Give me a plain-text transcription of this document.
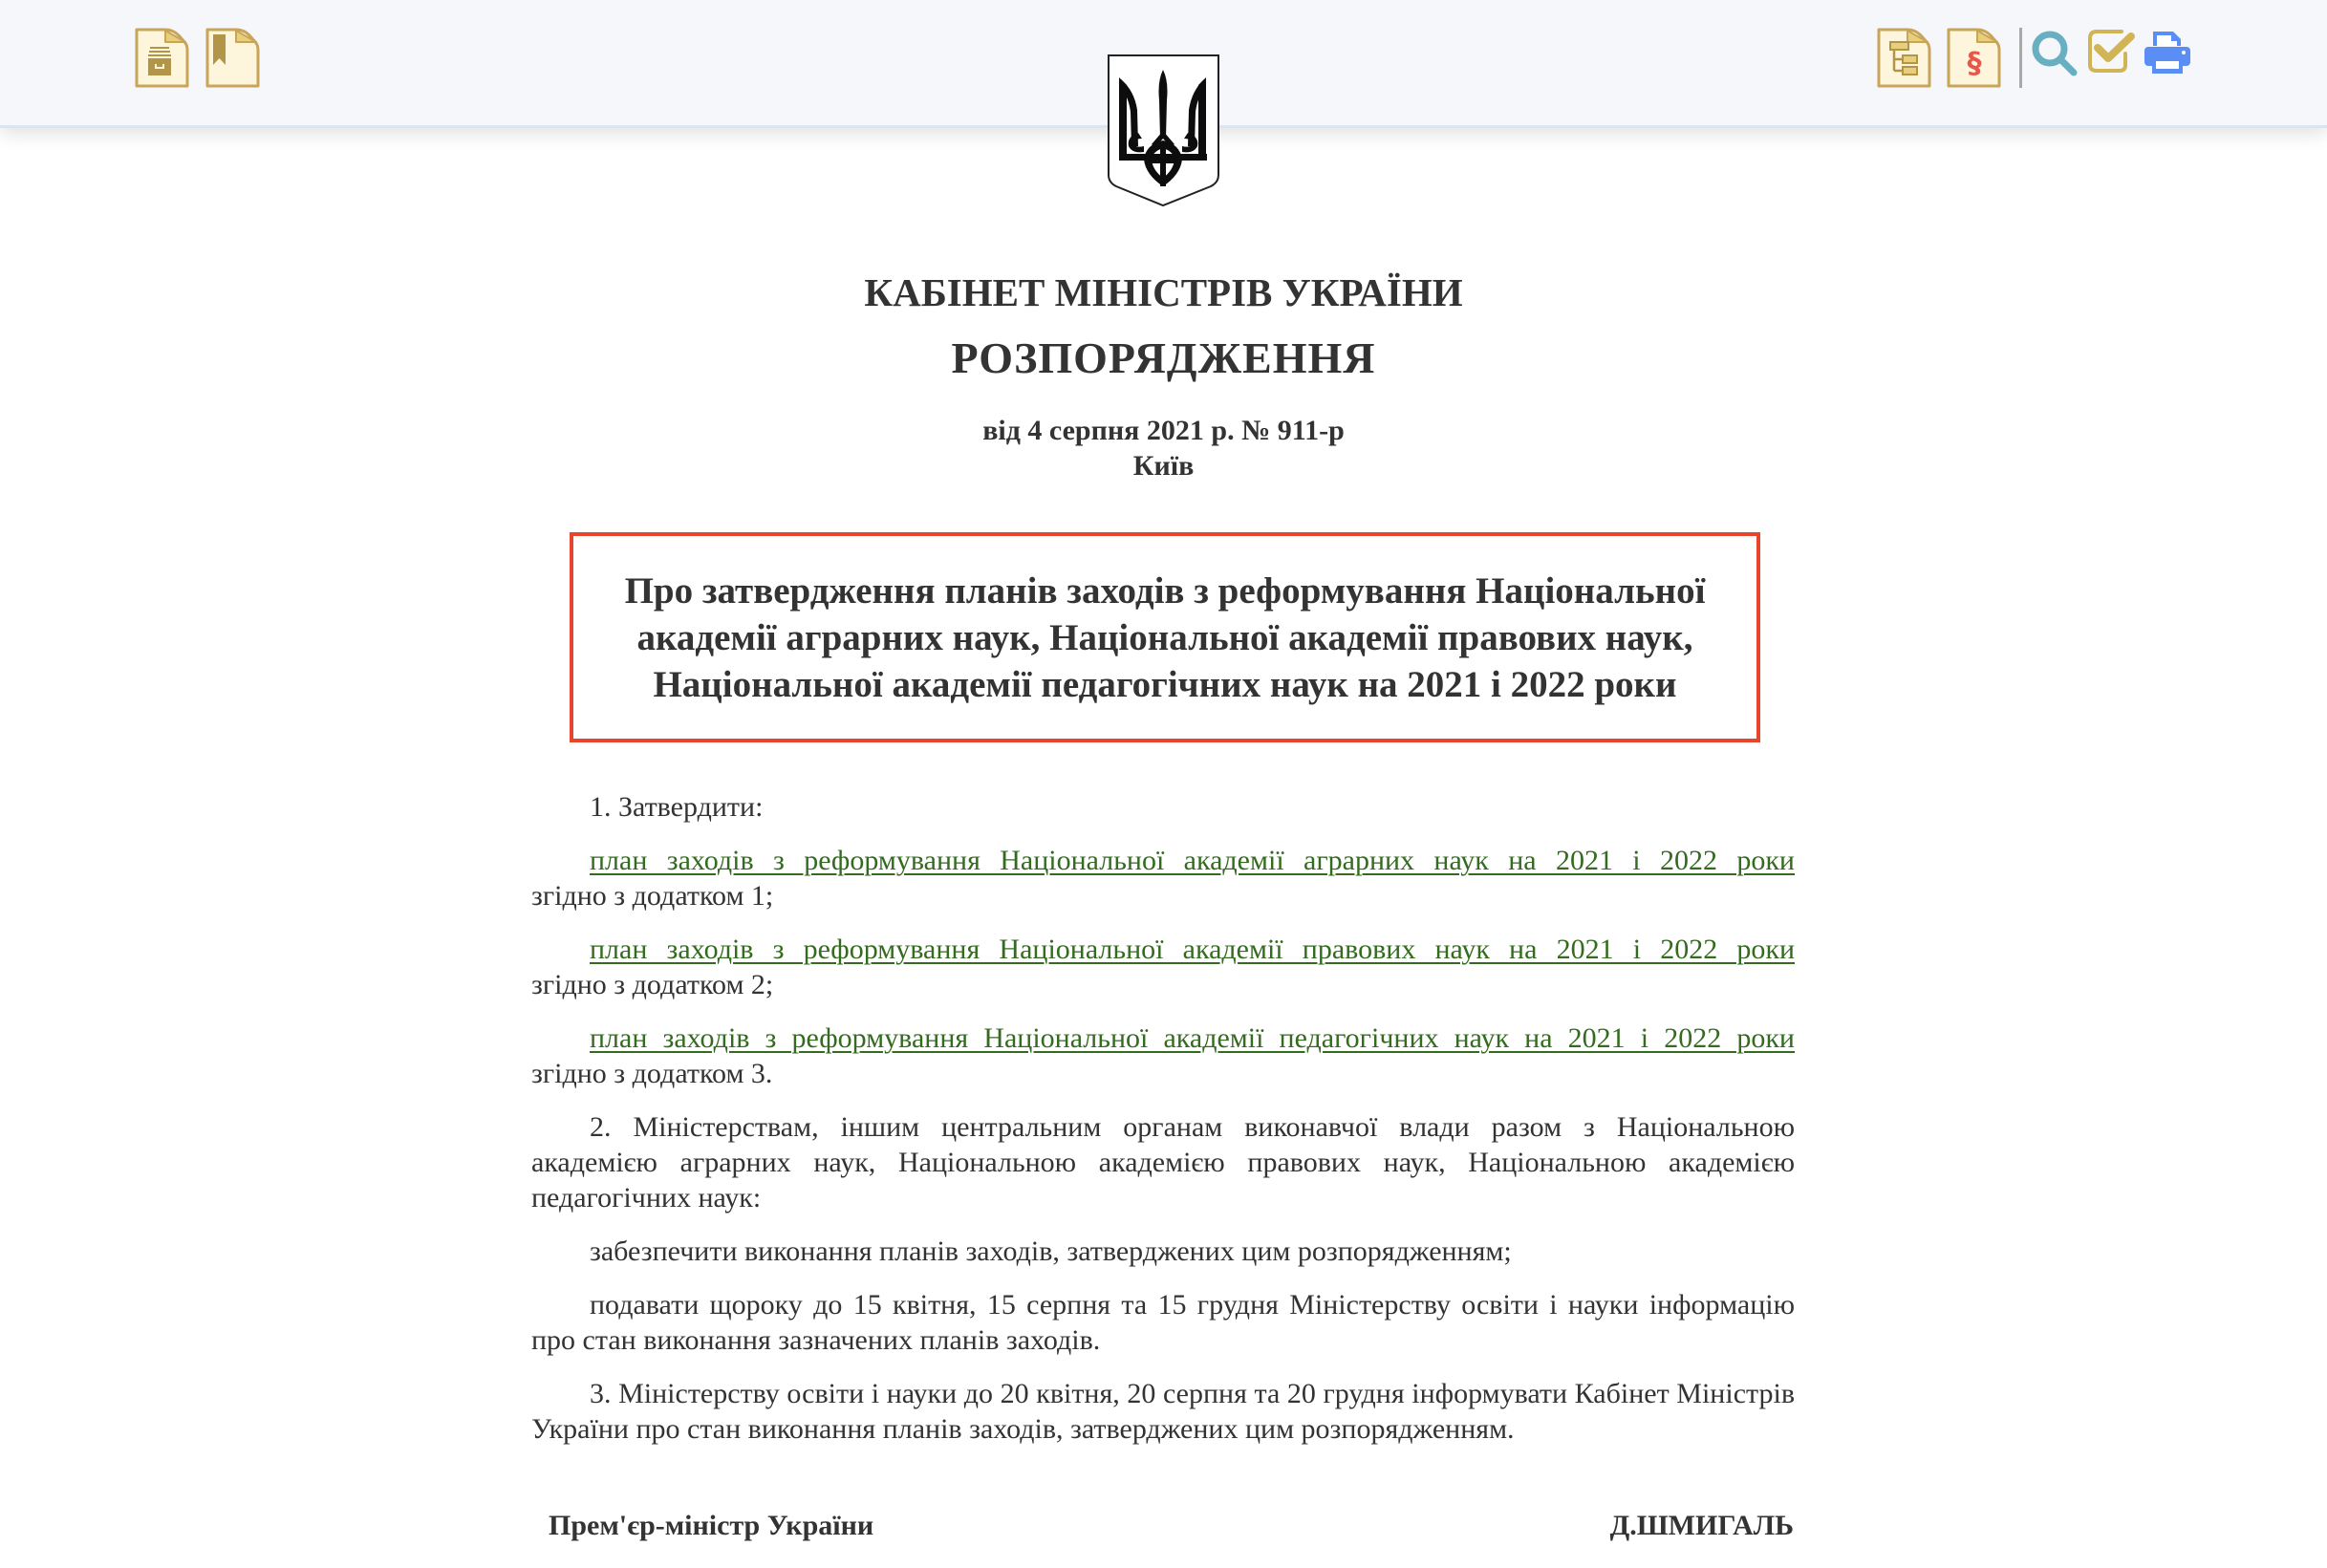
§
КАБІНЕТ МІНІСТРІВ УКРАЇНИ
РОЗПОРЯДЖЕННЯ
від 4 серпня 2021 р. № 911-р
Київ
Про затвердження планів заходів з реформування Національної академії аграрних наук, Національної академії правових наук, Національної академії педагогічних наук на 2021 і 2022 роки

1. Затвердити:

план заходів з реформування Національної академії аграрних наук на 2021 і 2022 роки
згідно з додатком 1;

план заходів з реформування Національної академії правових наук на 2021 і 2022 роки
згідно з додатком 2;

план заходів з реформування Національної академії педагогічних наук на 2021 і 2022 роки
згідно з додатком 3.

2. Міністерствам, іншим центральним органам виконавчої влади разом з Національною академією аграрних наук, Національною академією правових наук, Національною академією педагогічних наук:

забезпечити виконання планів заходів, затверджених цим розпорядженням;

подавати щороку до 15 квітня, 15 серпня та 15 грудня Міністерству освіти і науки інформацію про стан виконання зазначених планів заходів.

3. Міністерству освіти і науки до 20 квітня, 20 серпня та 20 грудня інформувати Кабінет Міністрів України про стан виконання планів заходів, затверджених цим розпорядженням.

Прем'єр-міністр України	Д.ШМИГАЛЬ
